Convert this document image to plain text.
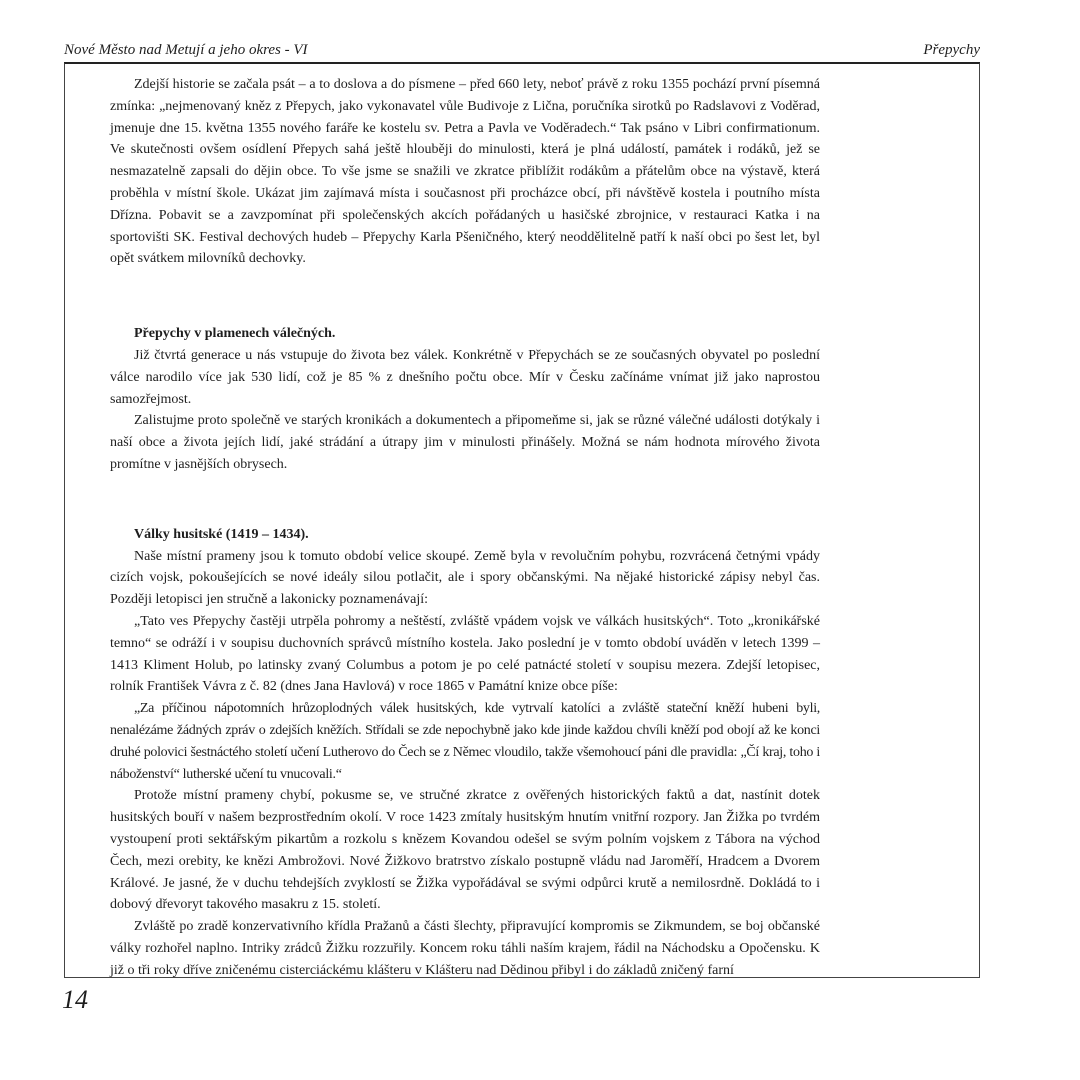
Nové Město nad Metují a jeho okres - VI	Přepychy

Zdejší historie se začala psát – a to doslova a do písmene – před 660 lety, neboť právě z roku 1355 pochází první písemná zmínka: „nejmenovaný kněz z Přepych, jako vykonavatel vůle Budivoje z Lična, poručníka sirotků po Radslavovi z Voděrad, jmenuje dne 15. května 1355 nového faráře ke kostelu sv. Petra a Pavla ve Voděradech.“ Tak psáno v Libri confirmationum. Ve skutečnosti ovšem osídlení Přepych sahá ještě hlouběji do minulosti, která je plná událostí, památek i rodáků, jež se nesmazatelně zapsali do dějin obce. To vše jsme se snažili ve zkratce přiblížit rodákům a přátelům obce na výstavě, která proběhla v místní škole. Ukázat jim zajímavá místa i současnost při procházce obcí, při návštěvě kostela i poutního místa Dřízna. Pobavit se a zavzpomínat při společenských akcích pořádaných u hasičské zbrojnice, v restauraci Katka i na sportovišti SK. Festival dechových hudeb – Přepychy Karla Pšeničného, který neoddělitelně patří k naší obci po šest let, byl opět svátkem milovníků dechovky.

Přepychy v plamenech válečných.

Již čtvrtá generace u nás vstupuje do života bez válek. Konkrétně v Přepychách se ze současných obyvatel po poslední válce narodilo více jak 530 lidí, což je 85 % z dnešního počtu obce. Mír v Česku začínáme vnímat již jako naprostou samozřejmost.

Zalistujme proto společně ve starých kronikách a dokumentech a připomeňme si, jak se různé válečné události dotýkaly i naší obce a života jejích lidí, jaké strádání a útrapy jim v minulosti přinášely. Možná se nám hodnota mírového života promítne v jasnějších obrysech.

Války husitské (1419 – 1434).

Naše místní prameny jsou k tomuto období velice skoupé. Země byla v revolučním pohybu, rozvrácená četnými vpády cizích vojsk, pokoušejících se nové ideály silou potlačit, ale i spory občanskými. Na nějaké historické zápisy nebyl čas. Později letopisci jen stručně a lakonicky poznamenávají:

„Tato ves Přepychy častěji utrpěla pohromy a neštěstí, zvláště vpádem vojsk ve válkách husitských“. Toto „kronikářské temno“ se odráží i v soupisu duchovních správců místního kostela. Jako poslední je v tomto období uváděn v letech 1399 – 1413 Kliment Holub, po latinsky zvaný Columbus a potom je po celé patnácté století v soupisu mezera. Zdejší letopisec, rolník František Vávra z č. 82 (dnes Jana Havlová) v roce 1865 v Památní knize obce píše:

„Za příčinou nápotomních hrůzoplodných válek husitských, kde vytrvalí katolíci a zvláště stateční kněží hubeni byli, nenalézáme žádných zpráv o zdejších kněžích. Střídali se zde nepochybně jako kde jinde každou chvíli kněží pod obojí až ke konci druhé polovici šestnáctého století učení Lutherovo do Čech se z Němec vloudilo, takže všemohoucí páni dle pravidla: „Čí kraj, toho i náboženství“ lutherské učení tu vnucovali.“

Protože místní prameny chybí, pokusme se, ve stručné zkratce z ověřených historických faktů a dat, nastínit dotek husitských bouří v našem bezprostředním okolí. V roce 1423 zmítaly husitským hnutím vnitřní rozpory. Jan Žižka po tvrdém vystoupení proti sektářským pikartům a rozkolu s knězem Kovandou odešel se svým polním vojskem z Tábora na východ Čech, mezi orebity, ke knězi Ambrožovi. Nové Žižkovo bratrstvo získalo postupně vládu nad Jaroměří, Hradcem a Dvorem Králové. Je jasné, že v duchu tehdejších zvyklostí se Žižka vypořádával se svými odpůrci krutě a nemilosrdně. Dokládá to i dobový dřevoryt takového masakru z 15. století.

Zvláště po zradě konzervativního křídla Pražanů a části šlechty, připravující kompromis se Zikmundem, se boj občanské války rozhořel naplno. Intriky zrádců Žižku rozzuřily. Koncem roku táhli naším krajem, řádil na Náchodsku a Opočensku. K již o tři roky dříve zničenému cisterciáckému klášteru v Klášteru nad Dědinou přibyl i do základů zničený farní

14
